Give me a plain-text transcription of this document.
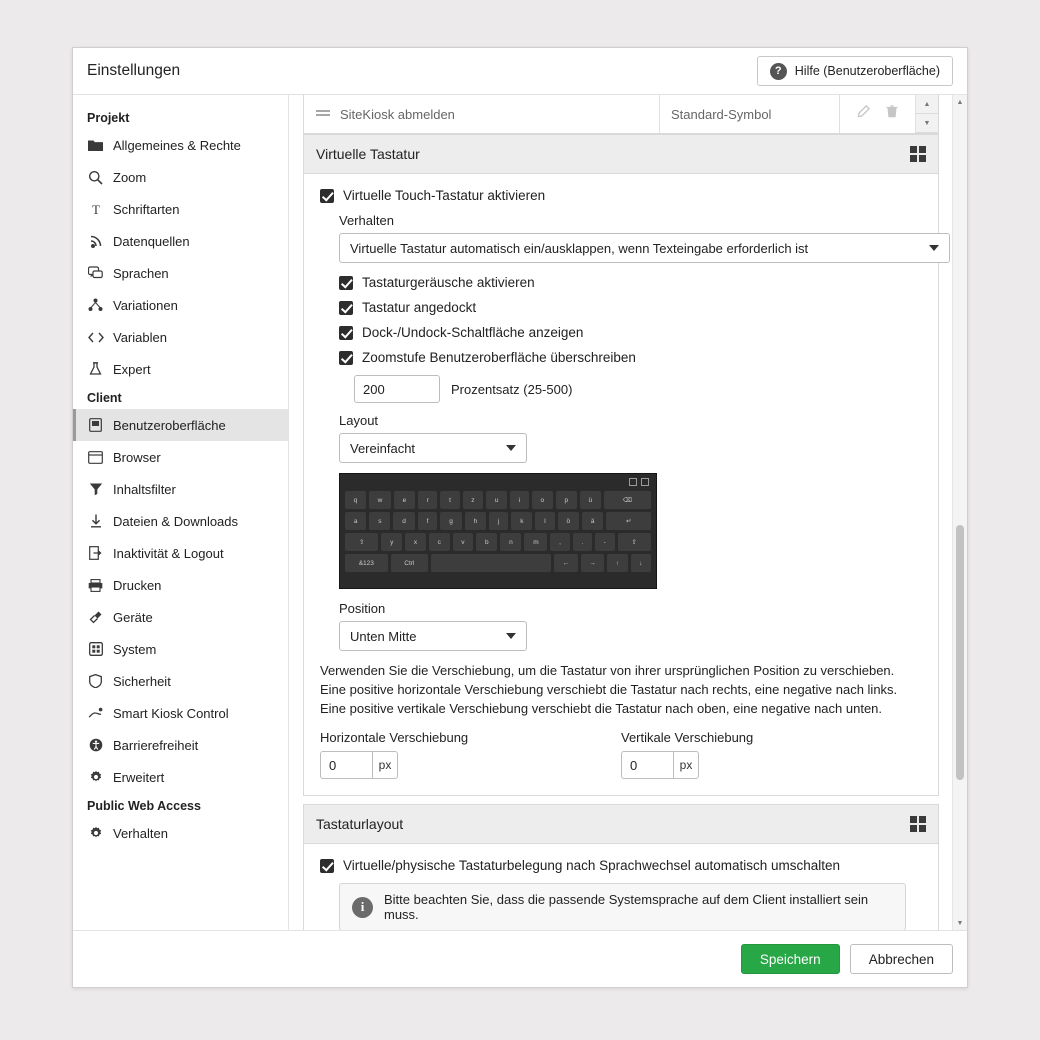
Einstellungen	?	Hilfe (Benutzeroberfläche)
Projekt
Allgemeines & Rechte
Zoom
T Schriftarten
Datenquellen
Sprachen
Variationen
Variablen
Expert
Client
Benutzeroberfläche
Browser
Inhaltsfilter
Dateien & Downloads
Inaktivität & Logout
Drucken
Geräte
System
Sicherheit
Smart Kiosk Control
Barrierefreiheit
Erweitert
Public Web Access
Verhalten
SiteKiosk abmelden	Standard-Symbol
▲
▼
Virtuelle Tastatur
Virtuelle Touch-Tastatur aktivieren
Verhalten
Virtuelle Tastatur automatisch ein/ausklappen, wenn Texteingabe erforderlich ist
Tastaturgeräusche aktivieren
Tastatur angedockt
Dock-/Undock-Schaltfläche anzeigen
Zoomstufe Benutzeroberfläche überschreiben
200	Prozentsatz (25-500)
Layout
Vereinfacht
q	w	e	r	t	z	u	i	o	p	ü	⌫
a	s	d	f	g	h	j	k	l	ö	ä	↵
⇧	y	x	c	v	b	n	m	,	.	-	⇧
&123	Ctrl	←	→	↑	↓
Position
Unten Mitte
Verwenden Sie die Verschiebung, um die Tastatur von ihrer ursprünglichen Position zu verschieben. Eine positive horizontale Verschiebung verschiebt die Tastatur nach rechts, eine negative nach links. Eine positive vertikale Verschiebung verschiebt die Tastatur nach oben, eine negative nach unten.
Horizontale Verschiebung
0	px
Vertikale Verschiebung
0	px
Tastaturlayout
Virtuelle/physische Tastaturbelegung nach Sprachwechsel automatisch umschalten
i	Bitte beachten Sie, dass die passende Systemsprache auf dem Client installiert sein muss.
▲
▼
Speichern	Abbrechen
